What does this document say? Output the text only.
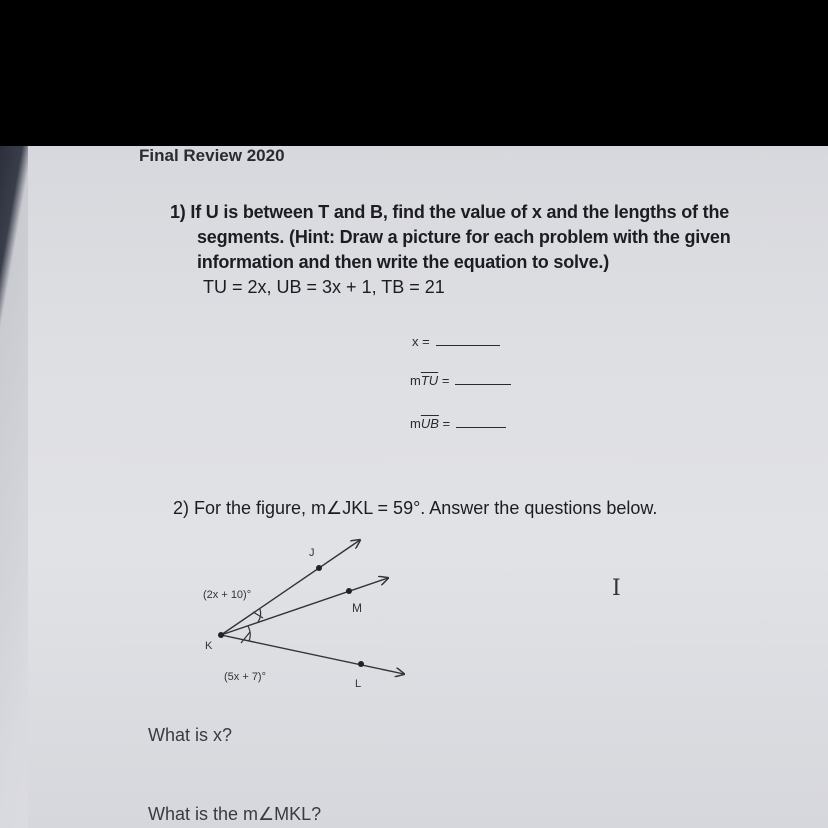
Final Review 2020
1) If U is between T and B, find the value of x and the lengths of the
segments. (Hint: Draw a picture for each problem with the given
information and then write the equation to solve.)
TU = 2x, UB = 3x + 1, TB = 21
x =
$m\overline{TU}$ =
$m\overline{UB}$ =
2) For the figure, m∠JKL = 59°. Answer the questions below.
J
M
K
L
(2x + 10)°
(5x + 7)°
I
What is x?
What is the m∠MKL?
